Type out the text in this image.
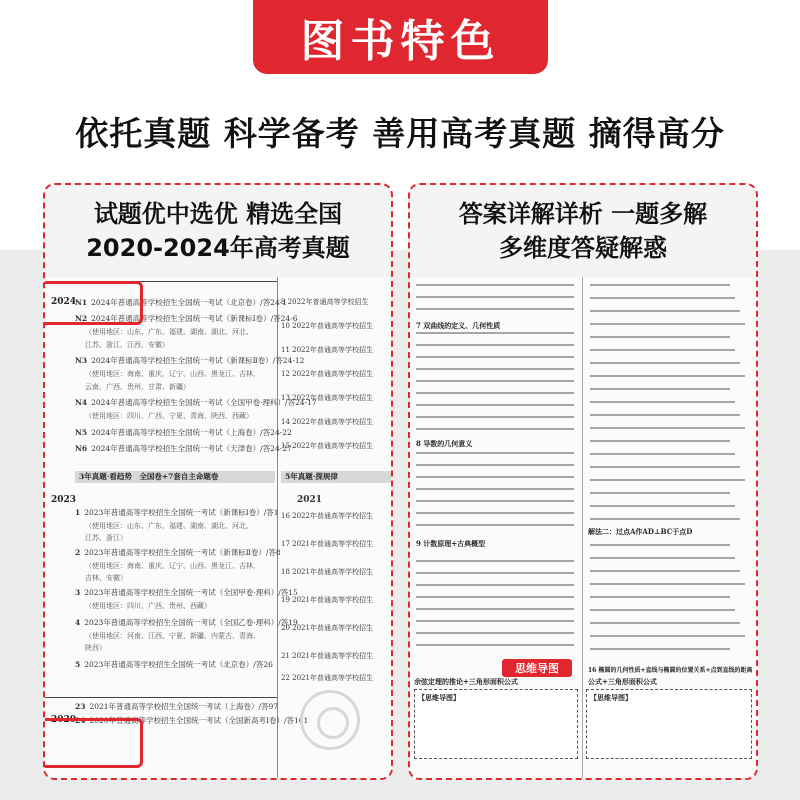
图书特色
依托真题 科学备考 善用高考真题 摘得高分
试题优中选优 精选全国
2020-2024年高考真题
2024
N1 2024年普通高等学校招生全国统一考试（北京卷）/答24-1
N2 2024年普通高等学校招生全国统一考试（新课标Ⅰ卷）/答24-6
（使用地区：山东、广东、福建、湖南、湖北、河北、
江苏、浙江、江西、安徽）
N3 2024年普通高等学校招生全国统一考试（新课标Ⅱ卷）/答24-12
（使用地区：海南、重庆、辽宁、山西、黑龙江、吉林、
云南、广西、贵州、甘肃、新疆）
N4 2024年普通高等学校招生全国统一考试（全国甲卷·理科）/答24-17
（使用地区：四川、广西、宁夏、青海、陕西、西藏）
N5 2024年普通高等学校招生全国统一考试（上海卷）/答24-22
N6 2024年普通高等学校招生全国统一考试（天津卷）/答24-27
3年真题·看趋势　 全国卷+7套自主命题卷	5年真题·探规律
2023	2021
1 2023年普通高等学校招生全国统一考试（新课标Ⅰ卷）/答1
（使用地区：山东、广东、福建、湖南、湖北、河北、
江苏、浙江）
2 2023年普通高等学校招生全国统一考试（新课标Ⅱ卷）/答8
（使用地区：海南、重庆、辽宁、山西、黑龙江、吉林、
吉林、安徽）
3 2023年普通高等学校招生全国统一考试（全国甲卷·理科）/答15
（使用地区：四川、广西、贵州、西藏）
4 2023年普通高等学校招生全国统一考试（全国乙卷·理科）/答19
（使用地区：河南、江西、宁夏、新疆、内蒙古、青海、
陕西）
5 2023年普通高等学校招生全国统一考试（北京卷）/答26
9 2022年普通高等学校招生
10 2022年普通高等学校招生
11 2022年普通高等学校招生
12 2022年普通高等学校招生
13 2022年普通高等学校招生
14 2022年普通高等学校招生
15 2022年普通高等学校招生
16 2022年普通高等学校招生
17 2021年普通高等学校招生
18 2021年普通高等学校招生
19 2021年普通高等学校招生
20 2021年普通高等学校招生
21 2021年普通高等学校招生
22 2021年普通高等学校招生
23 2021年普通高等学校招生全国统一考试（上海卷）/答97
2020
24 2020年普通高等学校招生全国统一考试（全国新高考Ⅰ卷）/答101
答案详解详析 一题多解
多维度答疑解惑
7 双曲线的定义、几何性质
8 导数的几何意义
9 计数原理+古典概型
余弦定理的推论+三角形面积公式
【思维导图】
思维导图
解法二：过点A作AD⊥BC于点D
16 椭圆的几何性质+直线与椭圆的位置关系+点到直线的距离
公式+三角形面积公式
【思维导图】
